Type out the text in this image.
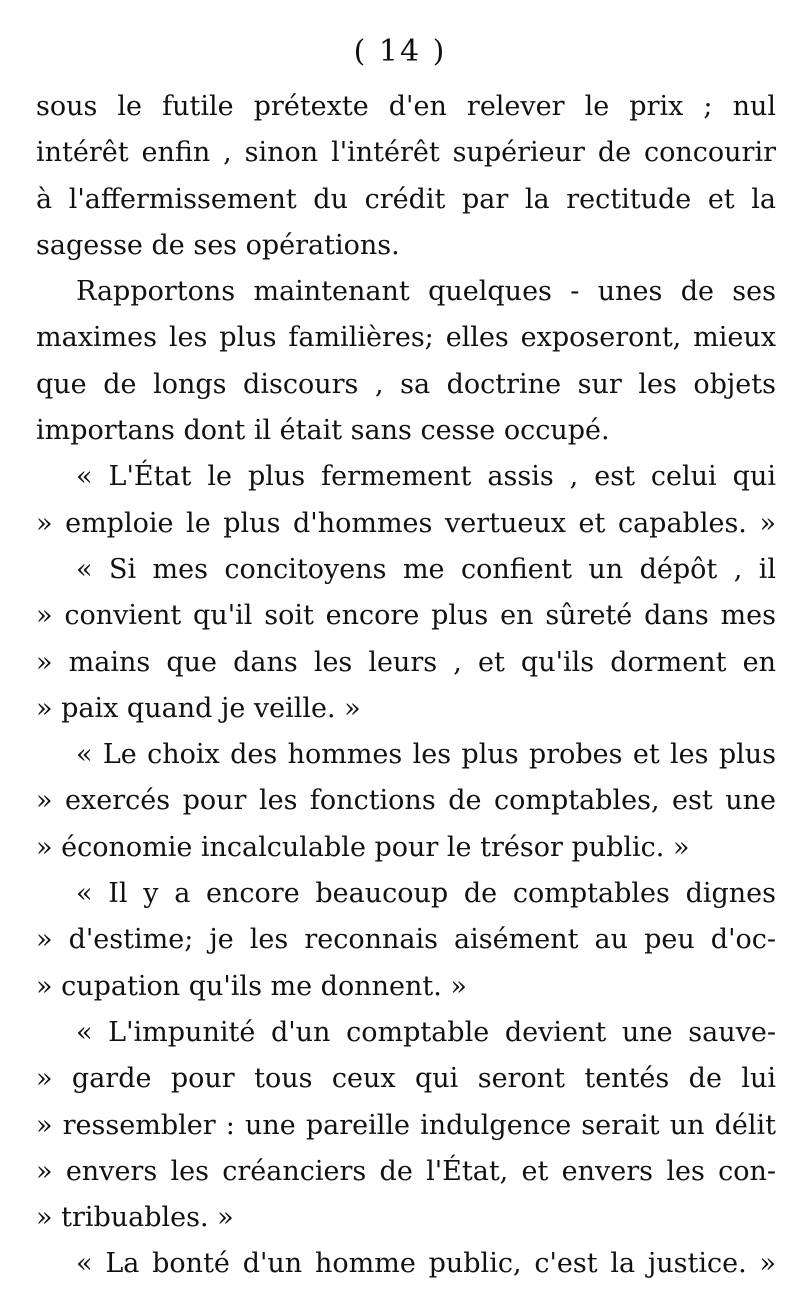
( 14 )
sous le futile prétexte d'en relever le prix ; nul
intérêt enfin , sinon l'intérêt supérieur de concourir
à l'affermissement du crédit par la rectitude et la
sagesse de ses opérations.
Rapportons maintenant quelques - unes de ses
maximes les plus familières; elles exposeront, mieux
que de longs discours , sa doctrine sur les objets
importans dont il était sans cesse occupé.
« L'État le plus fermement assis , est celui qui
» emploie le plus d'hommes vertueux et capables. »
« Si mes concitoyens me confient un dépôt , il
» convient qu'il soit encore plus en sûreté dans mes
» mains que dans les leurs , et qu'ils dorment en
» paix quand je veille. »
« Le choix des hommes les plus probes et les plus
» exercés pour les fonctions de comptables, est une
» économie incalculable pour le trésor public. »
« Il y a encore beaucoup de comptables dignes
» d'estime; je les reconnais aisément au peu d'oc-
» cupation qu'ils me donnent. »
« L'impunité d'un comptable devient une sauve-
» garde pour tous ceux qui seront tentés de lui
» ressembler : une pareille indulgence serait un délit
» envers les créanciers de l'État, et envers les con-
» tribuables. »
« La bonté d'un homme public, c'est la justice. »
